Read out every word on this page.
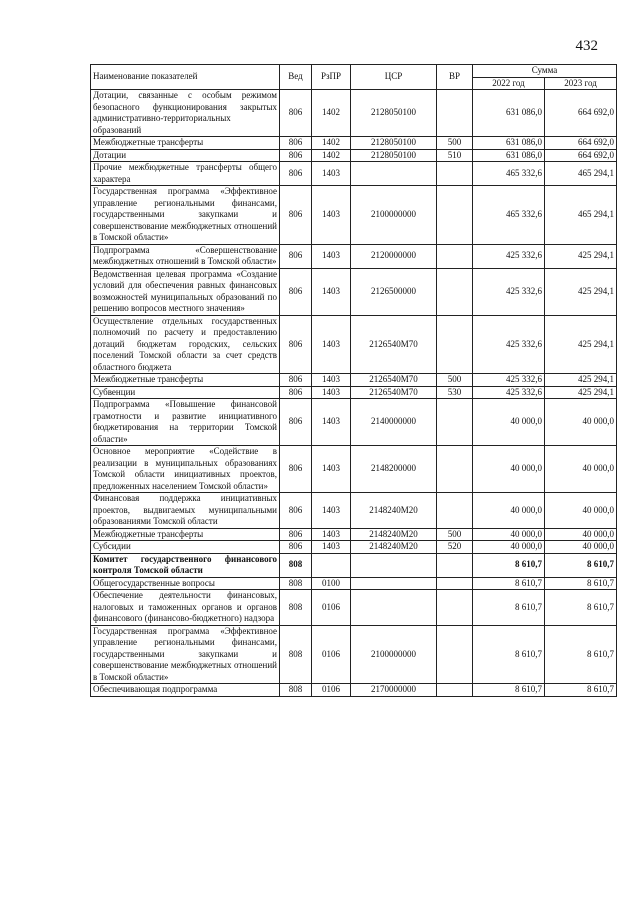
432
Наименование показателей	Вед	РзПР	ЦСР	ВР	Сумма	
					2022 год	2023 год
Дотации, связанные с особым режимом безопасного функционирования закрытых административно-территориальных образований	806	1402	2128050100		631 086,0	664 692,0
Межбюджетные трансферты	806	1402	2128050100	500	631 086,0	664 692,0
Дотации	806	1402	2128050100	510	631 086,0	664 692,0
Прочие межбюджетные трансферты общего характера	806	1403			465 332,6	465 294,1
Государственная программа «Эффективное управление региональными финансами, государственными закупками и совершенствование межбюджетных отношений в Томской области»	806	1403	2100000000		465 332,6	465 294,1
Подпрограмма «Совершенствование межбюджетных отношений в Томской области»	806	1403	2120000000		425 332,6	425 294,1
Ведомственная целевая программа «Создание условий для обеспечения равных финансовых возможностей муниципальных образований по решению вопросов местного значения»	806	1403	2126500000		425 332,6	425 294,1
Осуществление отдельных государственных полномочий по расчету и предоставлению дотаций бюджетам городских, сельских поселений Томской области за счет средств областного бюджета	806	1403	2126540М70		425 332,6	425 294,1
Межбюджетные трансферты	806	1403	2126540М70	500	425 332,6	425 294,1
Субвенции	806	1403	2126540М70	530	425 332,6	425 294,1
Подпрограмма «Повышение финансовой грамотности и развитие инициативного бюджетирования на территории Томской области»	806	1403	2140000000		40 000,0	40 000,0
Основное мероприятие «Содействие в реализации в муниципальных образованиях Томской области инициативных проектов, предложенных населением Томской области»	806	1403	2148200000		40 000,0	40 000,0
Финансовая поддержка инициативных проектов, выдвигаемых муниципальными образованиями Томской области	806	1403	2148240М20		40 000,0	40 000,0
Межбюджетные трансферты	806	1403	2148240М20	500	40 000,0	40 000,0
Субсидии	806	1403	2148240М20	520	40 000,0	40 000,0
Комитет государственного финансового контроля Томской области	808				8 610,7	8 610,7
Общегосударственные вопросы	808	0100			8 610,7	8 610,7
Обеспечение деятельности финансовых, налоговых и таможенных органов и органов финансового (финансово-бюджетного) надзора	808	0106			8 610,7	8 610,7
Государственная программа «Эффективное управление региональными финансами, государственными закупками и совершенствование межбюджетных отношений в Томской области»	808	0106	2100000000		8 610,7	8 610,7
Обеспечивающая подпрограмма	808	0106	2170000000		8 610,7	8 610,7
